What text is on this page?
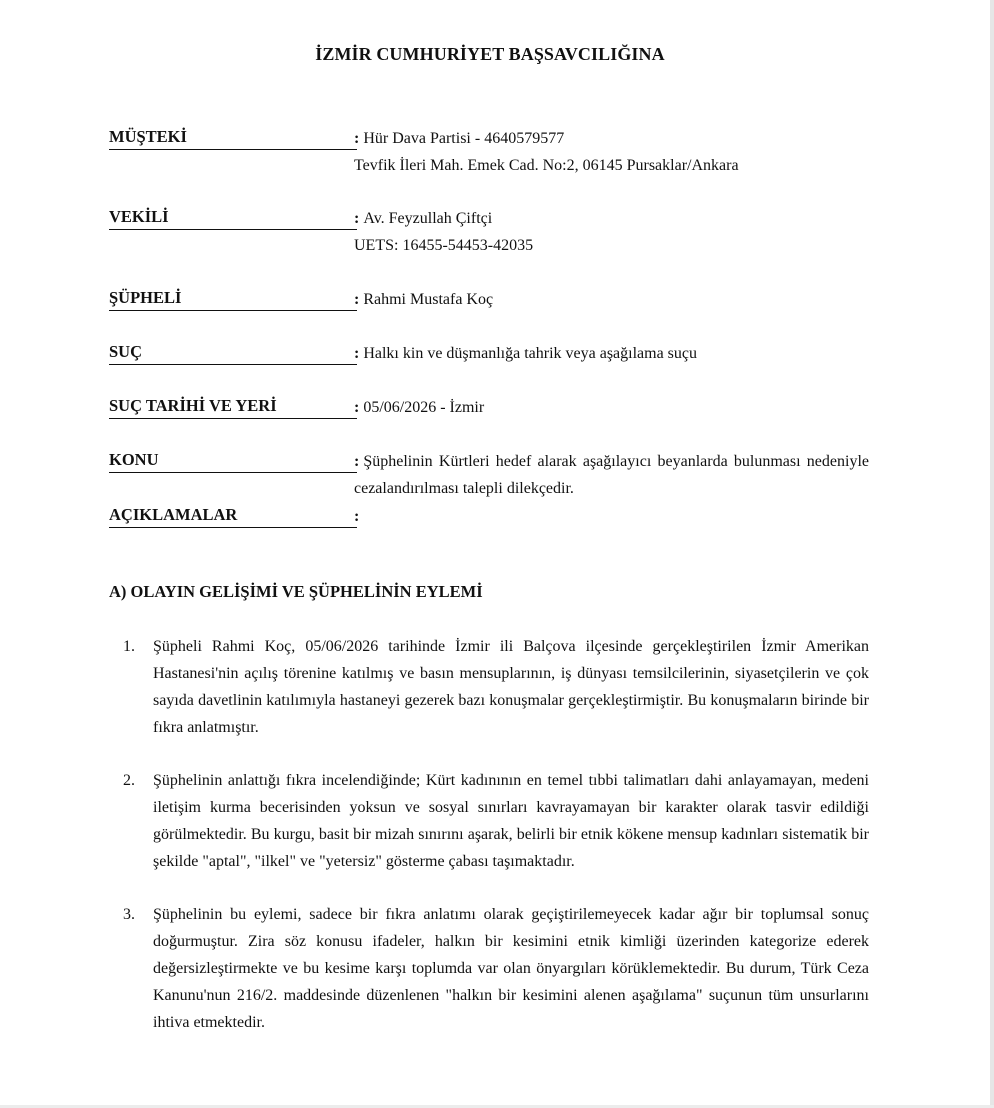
İZMİR CUMHURİYET BAŞSAVCILIĞINA
MÜŞTEKİ	: Hür Dava Partisi - 4640579577
Tevfik İleri Mah. Emek Cad. No:2, 06145 Pursaklar/Ankara
VEKİLİ	: Av. Feyzullah Çiftçi
UETS: 16455-54453-42035
ŞÜPHELİ	: Rahmi Mustafa Koç
SUÇ	: Halkı kin ve düşmanlığa tahrik veya aşağılama suçu
SUÇ TARİHİ VE YERİ	: 05/06/2026 - İzmir
KONU	: Şüphelinin Kürtleri hedef alarak aşağılayıcı beyanlarda bulunması nedeniyle cezalandırılması talepli dilekçedir.
AÇIKLAMALAR	:
A) OLAYIN GELİŞİMİ VE ŞÜPHELİNİN EYLEMİ
1. Şüpheli Rahmi Koç, 05/06/2026 tarihinde İzmir ili Balçova ilçesinde gerçekleştirilen İzmir Amerikan Hastanesi'nin açılış törenine katılmış ve basın mensuplarının, iş dünyası temsilcilerinin, siyasetçilerin ve çok sayıda davetlinin katılımıyla hastaneyi gezerek bazı konuşmalar gerçekleştirmiştir. Bu konuşmaların birinde bir fıkra anlatmıştır.
2. Şüphelinin anlattığı fıkra incelendiğinde; Kürt kadınının en temel tıbbi talimatları dahi anlayamayan, medeni iletişim kurma becerisinden yoksun ve sosyal sınırları kavrayamayan bir karakter olarak tasvir edildiği görülmektedir. Bu kurgu, basit bir mizah sınırını aşarak, belirli bir etnik kökene mensup kadınları sistematik bir şekilde "aptal", "ilkel" ve "yetersiz" gösterme çabası taşımaktadır.
3. Şüphelinin bu eylemi, sadece bir fıkra anlatımı olarak geçiştirilemeyecek kadar ağır bir toplumsal sonuç doğurmuştur. Zira söz konusu ifadeler, halkın bir kesimini etnik kimliği üzerinden kategorize ederek değersizleştirmekte ve bu kesime karşı toplumda var olan önyargıları körüklemektedir. Bu durum, Türk Ceza Kanunu'nun 216/2. maddesinde düzenlenen "halkın bir kesimini alenen aşağılama" suçunun tüm unsurlarını ihtiva etmektedir.
